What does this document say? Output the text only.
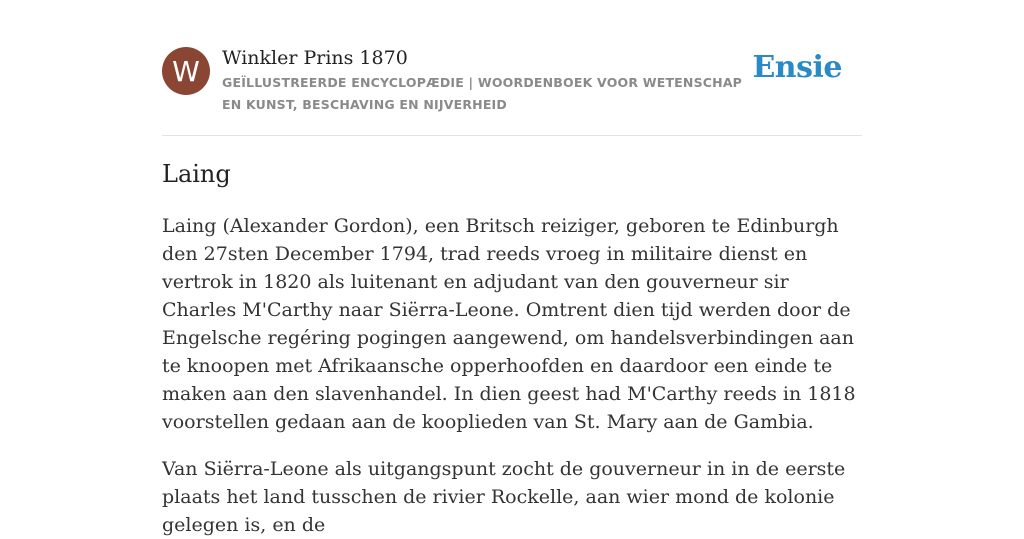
W Winkler Prins 1870
GEÏLLUSTREERDE ENCYCLOPÆDIE | WOORDENBOEK VOOR WETENSCHAP EN KUNST, BESCHAVING EN NIJVERHEID
Ensie
Laing

Laing (Alexander Gordon), een Britsch reiziger, geboren te Edinburgh den 27sten December 1794, trad reeds vroeg in militaire dienst en vertrok in 1820 als luitenant en adjudant van den gouverneur sir Charles M'Carthy naar Siërra-Leone. Omtrent dien tijd werden door de Engelsche regéring pogingen aangewend, om handelsverbindingen aan te knoopen met Afrikaansche opperhoofden en daardoor een einde te maken aan den slavenhandel. In dien geest had M'Carthy reeds in 1818 voorstellen gedaan aan de kooplieden van St. Mary aan de Gambia.

Van Siërra-Leone als uitgangspunt zocht de gouverneur in in de eerste plaats het land tusschen de rivier Rockelle, aan wier mond de kolonie gelegen is, en de
